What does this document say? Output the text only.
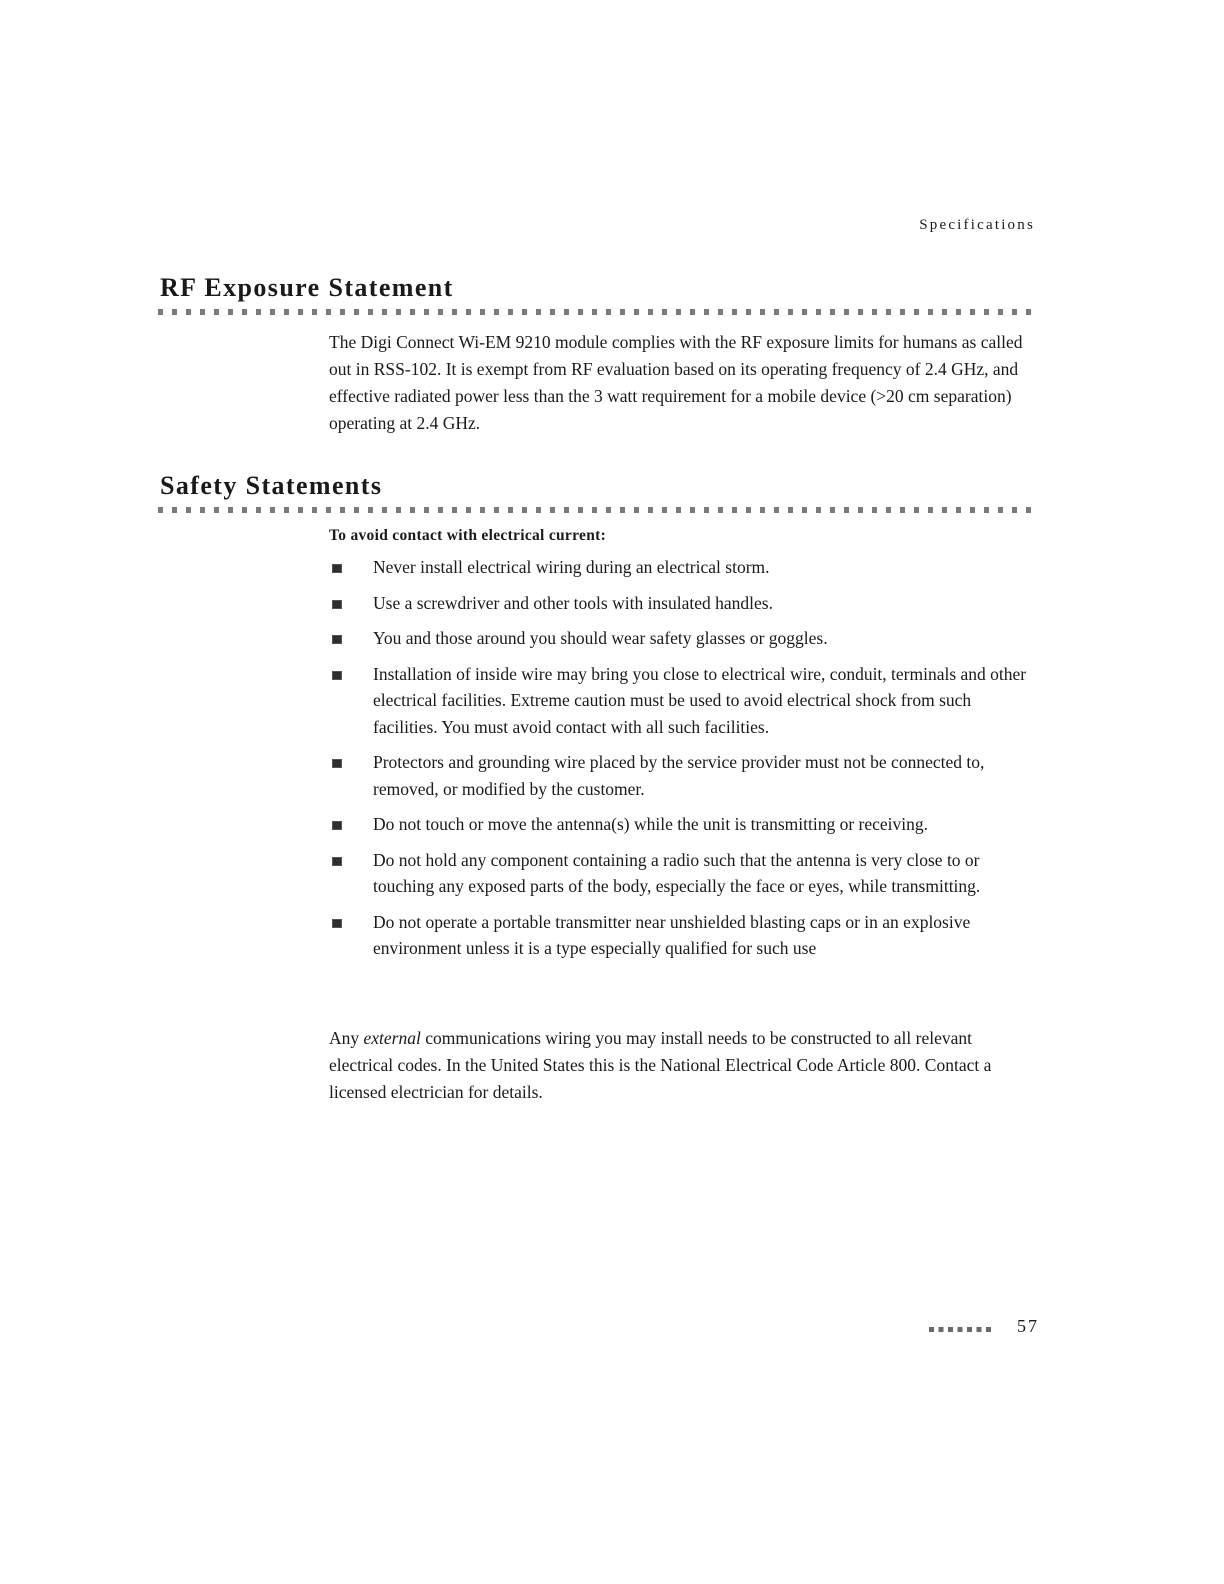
Specifications
RF Exposure Statement

The Digi Connect Wi-EM 9210 module complies with the RF exposure limits for humans as called out in RSS-102. It is exempt from RF evaluation based on its operating frequency of 2.4 GHz, and effective radiated power less than the 3 watt requirement for a mobile device (>20 cm separation) operating at 2.4 GHz.

Safety Statements

To avoid contact with electrical current:

Never install electrical wiring during an electrical storm.
Use a screwdriver and other tools with insulated handles.
You and those around you should wear safety glasses or goggles.
Installation of inside wire may bring you close to electrical wire, conduit, terminals and other electrical facilities. Extreme caution must be used to avoid electrical shock from such facilities. You must avoid contact with all such facilities.
Protectors and grounding wire placed by the service provider must not be connected to, removed, or modified by the customer.
Do not touch or move the antenna(s) while the unit is transmitting or receiving.
Do not hold any component containing a radio such that the antenna is very close to or touching any exposed parts of the body, especially the face or eyes, while transmitting.
Do not operate a portable transmitter near unshielded blasting caps or in an explosive environment unless it is a type especially qualified for such use

Any external communications wiring you may install needs to be constructed to all relevant electrical codes. In the United States this is the National Electrical Code Article 800. Contact a licensed electrician for details.

57
